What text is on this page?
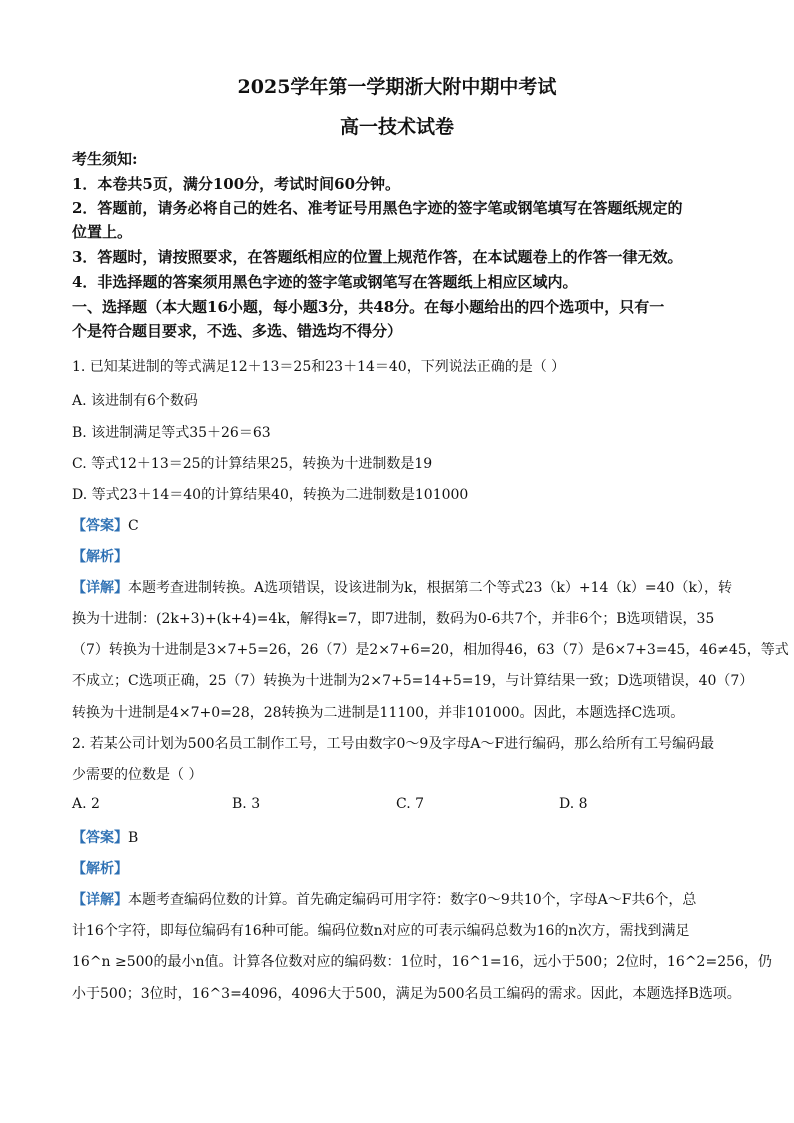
2025学年第一学期浙大附中期中考试
高一技术试卷
考生须知:
1．本卷共5页，满分100分，考试时间60分钟。
2．答题前，请务必将自己的姓名、准考证号用黑色字迹的签字笔或钢笔填写在答题纸规定的
位置上。
3．答题时，请按照要求，在答题纸相应的位置上规范作答，在本试题卷上的作答一律无效。
4．非选择题的答案须用黑色字迹的签字笔或钢笔写在答题纸上相应区域内。
一、选择题（本大题16小题，每小题3分，共48分。在每小题给出的四个选项中，只有一
个是符合题目要求，不选、多选、错选均不得分）
1. 已知某进制的等式满足12＋13＝25和23＋14＝40，下列说法正确的是（ ）
A. 该进制有6个数码
B. 该进制满足等式35＋26＝63
C. 等式12＋13＝25的计算结果25，转换为十进制数是19
D. 等式23＋14＝40的计算结果40，转换为二进制数是101000
【答案】C
【解析】
【详解】本题考查进制转换。A选项错误，设该进制为k，根据第二个等式23（k）+14（k）=40（k），转
换为十进制：(2k+3)+(k+4)=4k，解得k=7，即7进制，数码为0-6共7个，并非6个；B选项错误，35
（7）转换为十进制是3×7+5=26，26（7）是2×7+6=20，相加得46，63（7）是6×7+3=45，46≠45，等式
不成立；C选项正确，25（7）转换为十进制为2×7+5=14+5=19，与计算结果一致；D选项错误，40（7）
转换为十进制是4×7+0=28，28转换为二进制是11100，并非101000。因此，本题选择C选项。
2. 若某公司计划为500名员工制作工号，工号由数字0～9及字母A～F进行编码，那么给所有工号编码最
少需要的位数是（ ）
A. 2	B. 3	C. 7	D. 8
【答案】B
【解析】
【详解】本题考查编码位数的计算。首先确定编码可用字符：数字0～9共10个，字母A～F共6个，总
计16个字符，即每位编码有16种可能。编码位数n对应的可表示编码总数为16的n次方，需找到满足
16^n ≥500的最小n值。计算各位数对应的编码数：1位时，16^1=16，远小于500；2位时，16^2=256，仍
小于500；3位时，16^3=4096，4096大于500，满足为500名员工编码的需求。因此，本题选择B选项。
